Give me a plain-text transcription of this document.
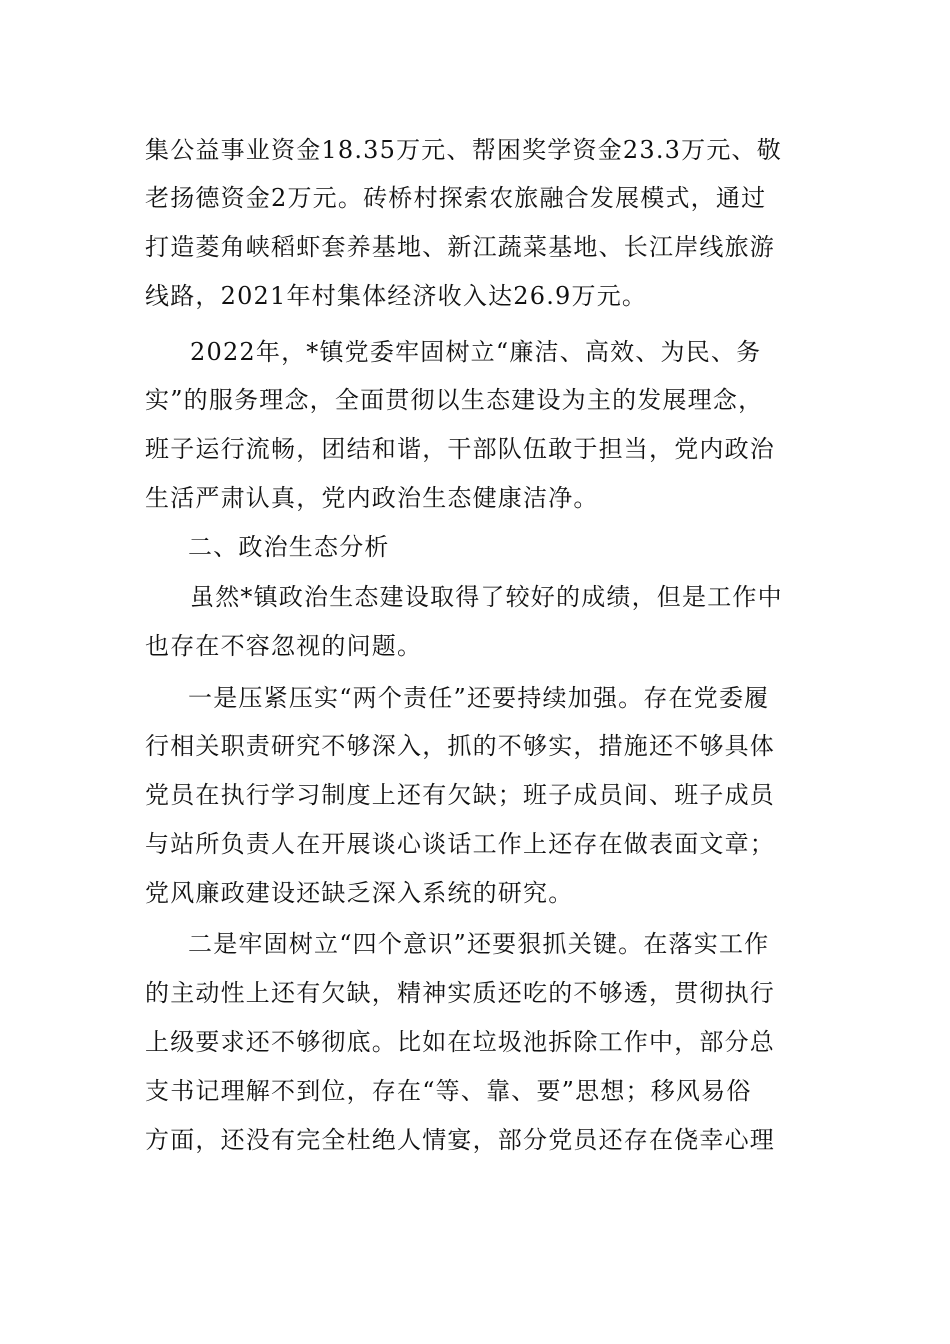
集公益事业资金18.35万元、帮困奖学资金23.3万元、敬
老扬德资金2万元。砖桥村探索农旅融合发展模式，通过
打造菱角峡稻虾套养基地、新江蔬菜基地、长江岸线旅游
线路，2021年村集体经济收入达26.9万元。
2022年，*镇党委牢固树立“廉洁、高效、为民、务
实”的服务理念，全面贯彻以生态建设为主的发展理念，
班子运行流畅，团结和谐，干部队伍敢于担当，党内政治
生活严肃认真，党内政治生态健康洁净。
二、政治生态分析
虽然*镇政治生态建设取得了较好的成绩，但是工作中
也存在不容忽视的问题。
一是压紧压实“两个责任”还要持续加强。存在党委履
行相关职责研究不够深入，抓的不够实，措施还不够具体
党员在执行学习制度上还有欠缺；班子成员间、班子成员
与站所负责人在开展谈心谈话工作上还存在做表面文章；
党风廉政建设还缺乏深入系统的研究。
二是牢固树立“四个意识”还要狠抓关键。在落实工作
的主动性上还有欠缺，精神实质还吃的不够透，贯彻执行
上级要求还不够彻底。比如在垃圾池拆除工作中，部分总
支书记理解不到位，存在“等、靠、要”思想；移风易俗
方面，还没有完全杜绝人情宴，部分党员还存在侥幸心理
